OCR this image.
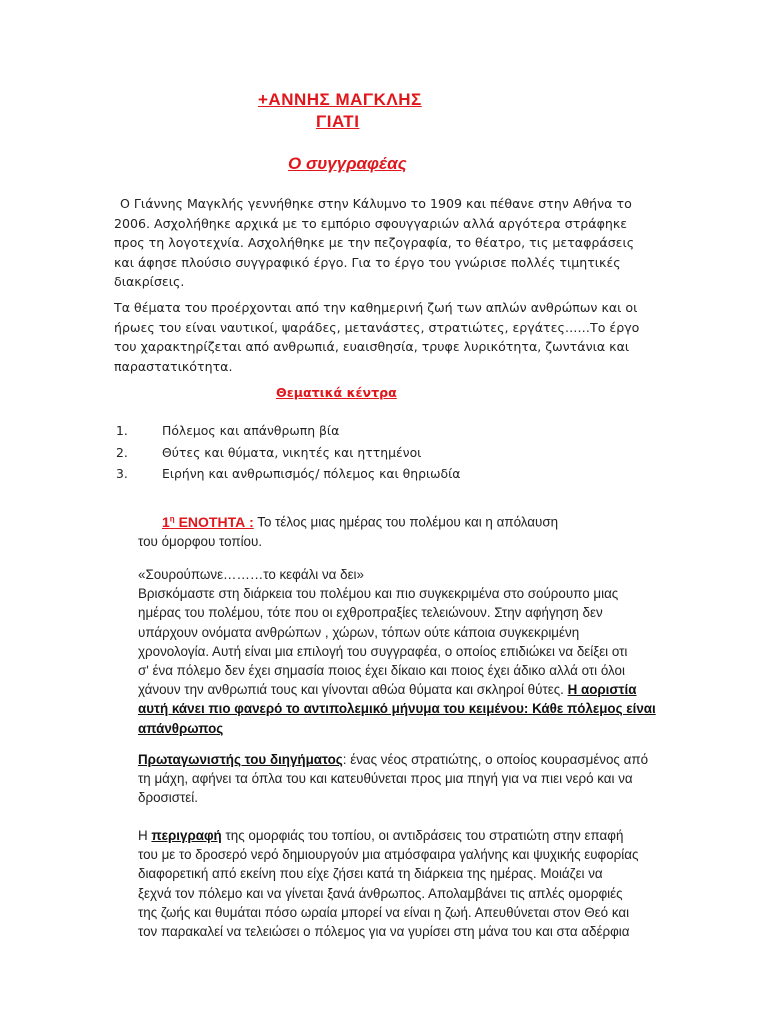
+ΑΝΝΗΣ ΜΑΓΚΛΗΣ
ΓΙΑΤΙ
Ο συγγραφέας

Ο Γιάννης Μαγκλής γεννήθηκε στην Κάλυμνο το 1909 και πέθανε στην Αθήνα το 2006. Ασχολήθηκε αρχικά με το εμπόριο σφουγγαριών αλλά αργότερα στράφηκε προς τη λογοτεχνία. Ασχολήθηκε με την πεζογραφία, το θέατρο, τις μεταφράσεις και άφησε πλούσιο συγγραφικό έργο. Για το έργο του γνώρισε πολλές τιμητικές διακρίσεις.

Τα θέματα του προέρχονται από την καθημερινή ζωή των απλών ανθρώπων και οι ήρωες του είναι ναυτικοί, ψαράδες, μετανάστες, στρατιώτες, εργάτες……Το έργο του χαρακτηρίζεται από ανθρωπιά, ευαισθησία, τρυφε λυρικότητα, ζωντάνια και παραστατικότητα.

Θεματικά κέντρα
1.	Πόλεμος και απάνθρωπη βία
2.	Θύτες και θύματα, νικητές και ηττημένοι
3.	Ειρήνη και ανθρωπισμός/ πόλεμος και θηριωδία
$1^\eta$ ΕΝΟΤΗΤΑ : Το τέλος μιας ημέρας του πολέμου και η απόλαυση
του όμορφου τοπίου.
«Σουρούπωνε………το κεφάλι να δει»
Βρισκόμαστε στη διάρκεια του πολέμου και πιο συγκεκριμένα στο σούρουπο μιας
ημέρας του πολέμου, τότε που οι εχθροπραξίες τελειώνουν. Στην αφήγηση δεν
υπάρχουν ονόματα ανθρώπων , χώρων, τόπων ούτε κάποια συγκεκριμένη
χρονολογία. Αυτή είναι μια επιλογή του συγγραφέα, ο οποίος επιδιώκει να δείξει οτι
σ' ένα πόλεμο δεν έχει σημασία ποιος έχει δίκαιο και ποιος έχει άδικο αλλά οτι όλοι
χάνουν την ανθρωπιά τους και γίνονται αθώα θύματα και σκληροί θύτες. Η αοριστία
αυτή κάνει πιο φανερό το αντιπολεμικό μήνυμα του κειμένου: Κάθε πόλεμος είναι
απάνθρωπος
Πρωταγωνιστής του διηγήματος: ένας νέος στρατιώτης, ο οποίος κουρασμένος από
τη μάχη, αφήνει τα όπλα του και κατευθύνεται προς μια πηγή για να πιει νερό και να
δροσιστεί.
Η περιγραφή της ομορφιάς του τοπίου, οι αντιδράσεις του στρατιώτη στην επαφή
του με το δροσερό νερό δημιουργούν μια ατμόσφαιρα γαλήνης και ψυχικής ευφορίας
διαφορετική από εκείνη που είχε ζήσει κατά τη διάρκεια της ημέρας. Μοιάζει να
ξεχνά τον πόλεμο και να γίνεται ξανά άνθρωπος. Απολαμβάνει τις απλές ομορφιές
της ζωής και θυμάται πόσο ωραία μπορεί να είναι η ζωή. Απευθύνεται στον Θεό και
τον παρακαλεί να τελειώσει ο πόλεμος για να γυρίσει στη μάνα του και στα αδέρφια
